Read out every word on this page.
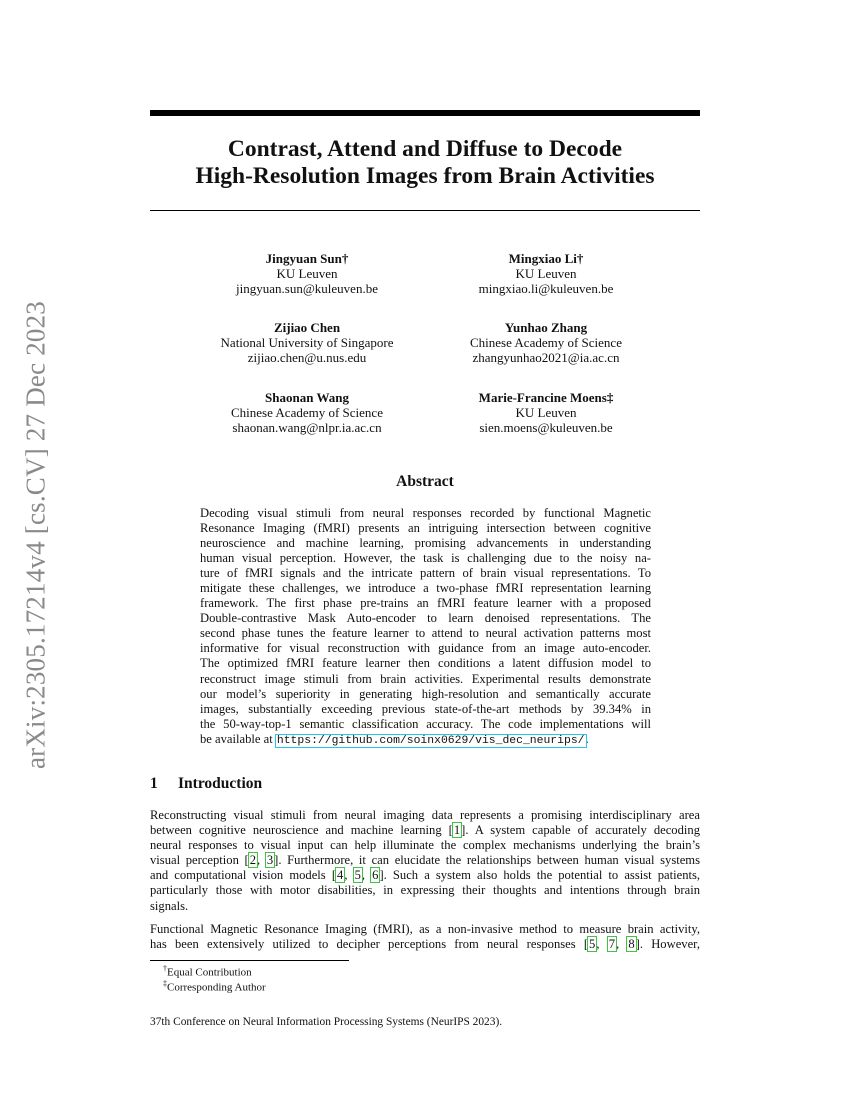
arXiv:2305.17214v4 [cs.CV] 27 Dec 2023
Contrast, Attend and Diffuse to Decode
High-Resolution Images from Brain Activities
Jingyuan Sun†
KU Leuven
jingyuan.sun@kuleuven.be
Mingxiao Li†
KU Leuven
mingxiao.li@kuleuven.be
Zijiao Chen
National University of Singapore
zijiao.chen@u.nus.edu
Yunhao Zhang
Chinese Academy of Science
zhangyunhao2021@ia.ac.cn
Shaonan Wang
Chinese Academy of Science
shaonan.wang@nlpr.ia.ac.cn
Marie-Francine Moens‡
KU Leuven
sien.moens@kuleuven.be
Abstract
Decoding visual stimuli from neural responses recorded by functional Magnetic
Resonance Imaging (fMRI) presents an intriguing intersection between cognitive
neuroscience and machine learning, promising advancements in understanding
human visual perception. However, the task is challenging due to the noisy na-
ture of fMRI signals and the intricate pattern of brain visual representations. To
mitigate these challenges, we introduce a two-phase fMRI representation learning
framework. The first phase pre-trains an fMRI feature learner with a proposed
Double-contrastive Mask Auto-encoder to learn denoised representations. The
second phase tunes the feature learner to attend to neural activation patterns most
informative for visual reconstruction with guidance from an image auto-encoder.
The optimized fMRI feature learner then conditions a latent diffusion model to
reconstruct image stimuli from brain activities. Experimental results demonstrate
our model’s superiority in generating high-resolution and semantically accurate
images, substantially exceeding previous state-of-the-art methods by 39.34% in
the 50-way-top-1 semantic classification accuracy. The code implementations will
be available at https://github.com/soinx0629/vis_dec_neurips/.
1 Introduction
Reconstructing visual stimuli from neural imaging data represents a promising interdisciplinary area
between cognitive neuroscience and machine learning [1]. A system capable of accurately decoding
neural responses to visual input can help illuminate the complex mechanisms underlying the brain’s
visual perception [2, 3]. Furthermore, it can elucidate the relationships between human visual systems
and computational vision models [4, 5, 6]. Such a system also holds the potential to assist patients,
particularly those with motor disabilities, in expressing their thoughts and intentions through brain
signals.
Functional Magnetic Resonance Imaging (fMRI), as a non-invasive method to measure brain activity,
has been extensively utilized to decipher perceptions from neural responses [5, 7, 8]. However,
†Equal Contribution
‡Corresponding Author
37th Conference on Neural Information Processing Systems (NeurIPS 2023).
